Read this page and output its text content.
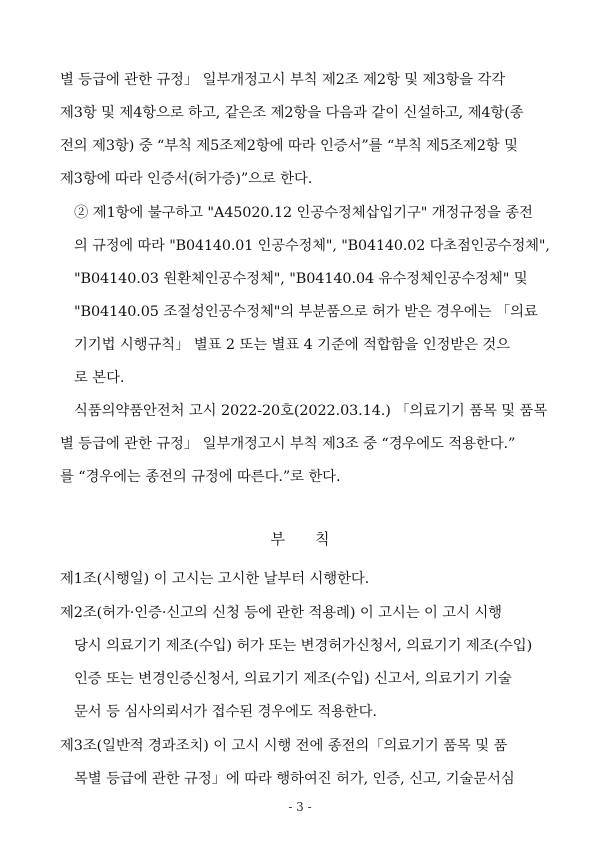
별 등급에 관한 규정」 일부개정고시 부칙 제2조 제2항 및 제3항을 각각
제3항 및 제4항으로 하고, 같은조 제2항을 다음과 같이 신설하고, 제4항(종
전의 제3항) 중 “부칙 제5조제2항에 따라 인증서”를 “부칙 제5조제2항 및
제3항에 따라 인증서(허가증)”으로 한다.
② 제1항에 불구하고 "A45020.12 인공수정체삽입기구" 개정규정을 종전
의 규정에 따라 "B04140.01 인공수정체", "B04140.02 다초점인공수정체",
"B04140.03 원환체인공수정체", "B04140.04 유수정체인공수정체" 및
"B04140.05 조절성인공수정체"의 부분품으로 허가 받은 경우에는 「의료
기기법 시행규칙」 별표 2 또는 별표 4 기준에 적합함을 인정받은 것으
로 본다.
식품의약품안전처 고시 2022-20호(2022.03.14.) 「의료기기 품목 및 품목
별 등급에 관한 규정」 일부개정고시 부칙 제3조 중 “경우에도 적용한다.”
를 “경우에는 종전의 규정에 따른다.”로 한다.
부칙
제1조(시행일) 이 고시는 고시한 날부터 시행한다.
제2조(허가·인증·신고의 신청 등에 관한 적용례) 이 고시는 이 고시 시행
당시 의료기기 제조(수입) 허가 또는 변경허가신청서, 의료기기 제조(수입)
인증 또는 변경인증신청서, 의료기기 제조(수입) 신고서, 의료기기 기술
문서 등 심사의뢰서가 접수된 경우에도 적용한다.
제3조(일반적 경과조치) 이 고시 시행 전에 종전의「의료기기 품목 및 품
목별 등급에 관한 규정」에 따라 행하여진 허가, 인증, 신고, 기술문서심
- 3 -
